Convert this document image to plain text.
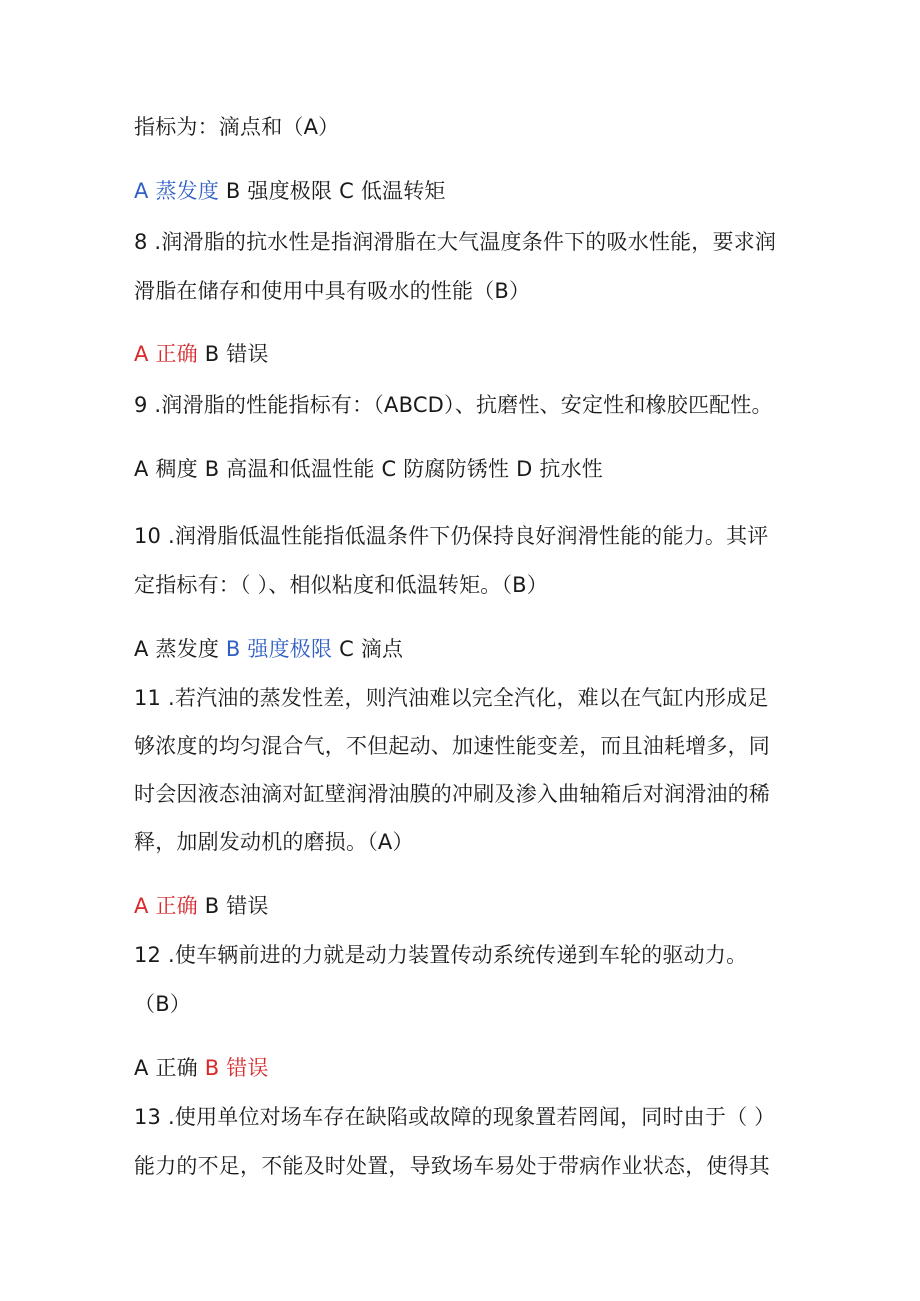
指标为：滴点和（A）
A 蒸发度 B 强度极限 C 低温转矩
8 .润滑脂的抗水性是指润滑脂在大气温度条件下的吸水性能，要求润
滑脂在储存和使用中具有吸水的性能（B）
A 正确 B 错误
9 .润滑脂的性能指标有：（ABCD）、抗磨性、安定性和橡胶匹配性。
A 稠度 B 高温和低温性能 C 防腐防锈性 D 抗水性
10 .润滑脂低温性能指低温条件下仍保持良好润滑性能的能力。其评
定指标有：（ ）、相似粘度和低温转矩。（B）
A 蒸发度 B 强度极限 C 滴点
11 .若汽油的蒸发性差，则汽油难以完全汽化，难以在气缸内形成足
够浓度的均匀混合气，不但起动、加速性能变差，而且油耗增多，同
时会因液态油滴对缸壁润滑油膜的冲刷及渗入曲轴箱后对润滑油的稀
释，加剧发动机的磨损。（A）
A 正确 B 错误
12 .使车辆前进的力就是动力装置传动系统传递到车轮的驱动力。
（B）
A 正确 B 错误
13 .使用单位对场车存在缺陷或故障的现象置若罔闻，同时由于（ ）
能力的不足，不能及时处置，导致场车易处于带病作业状态，使得其
